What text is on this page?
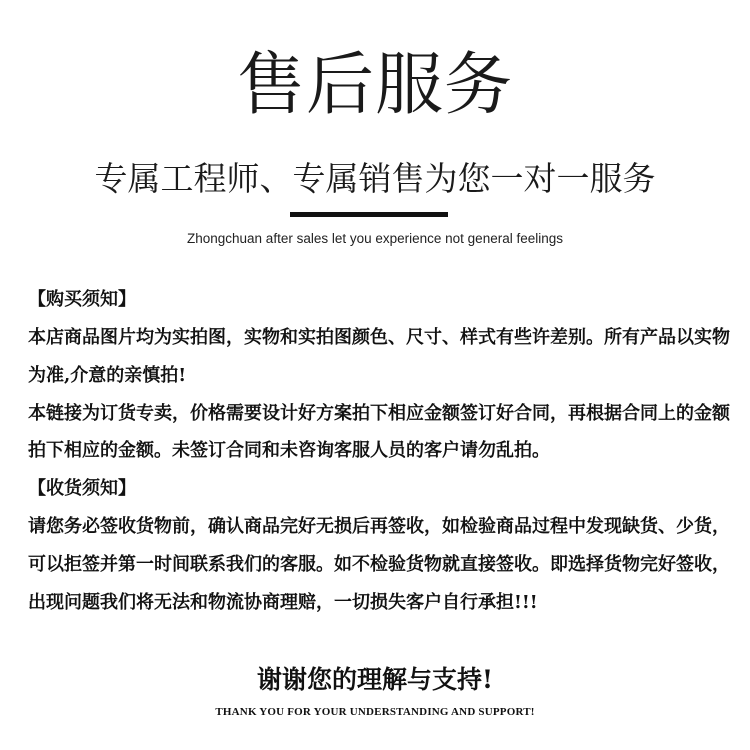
售后服务
专属工程师、专属销售为您一对一服务
Zhongchuan after sales let you experience not general feelings
【购买须知】
本店商品图片均为实拍图，实物和实拍图颜色、尺寸、样式有些许差别。所有产品以实物
为准,介意的亲慎拍!
本链接为订货专卖，价格需要设计好方案拍下相应金额签订好合同，再根据合同上的金额
拍下相应的金额。未签订合同和未咨询客服人员的客户请勿乱拍。
【收货须知】
请您务必签收货物前，确认商品完好无损后再签收，如检验商品过程中发现缺货、少货，
可以拒签并第一时间联系我们的客服。如不检验货物就直接签收。即选择货物完好签收，
出现问题我们将无法和物流协商理赔，一切损失客户自行承担!!!
谢谢您的理解与支持!
THANK YOU FOR YOUR UNDERSTANDING AND SUPPORT!
